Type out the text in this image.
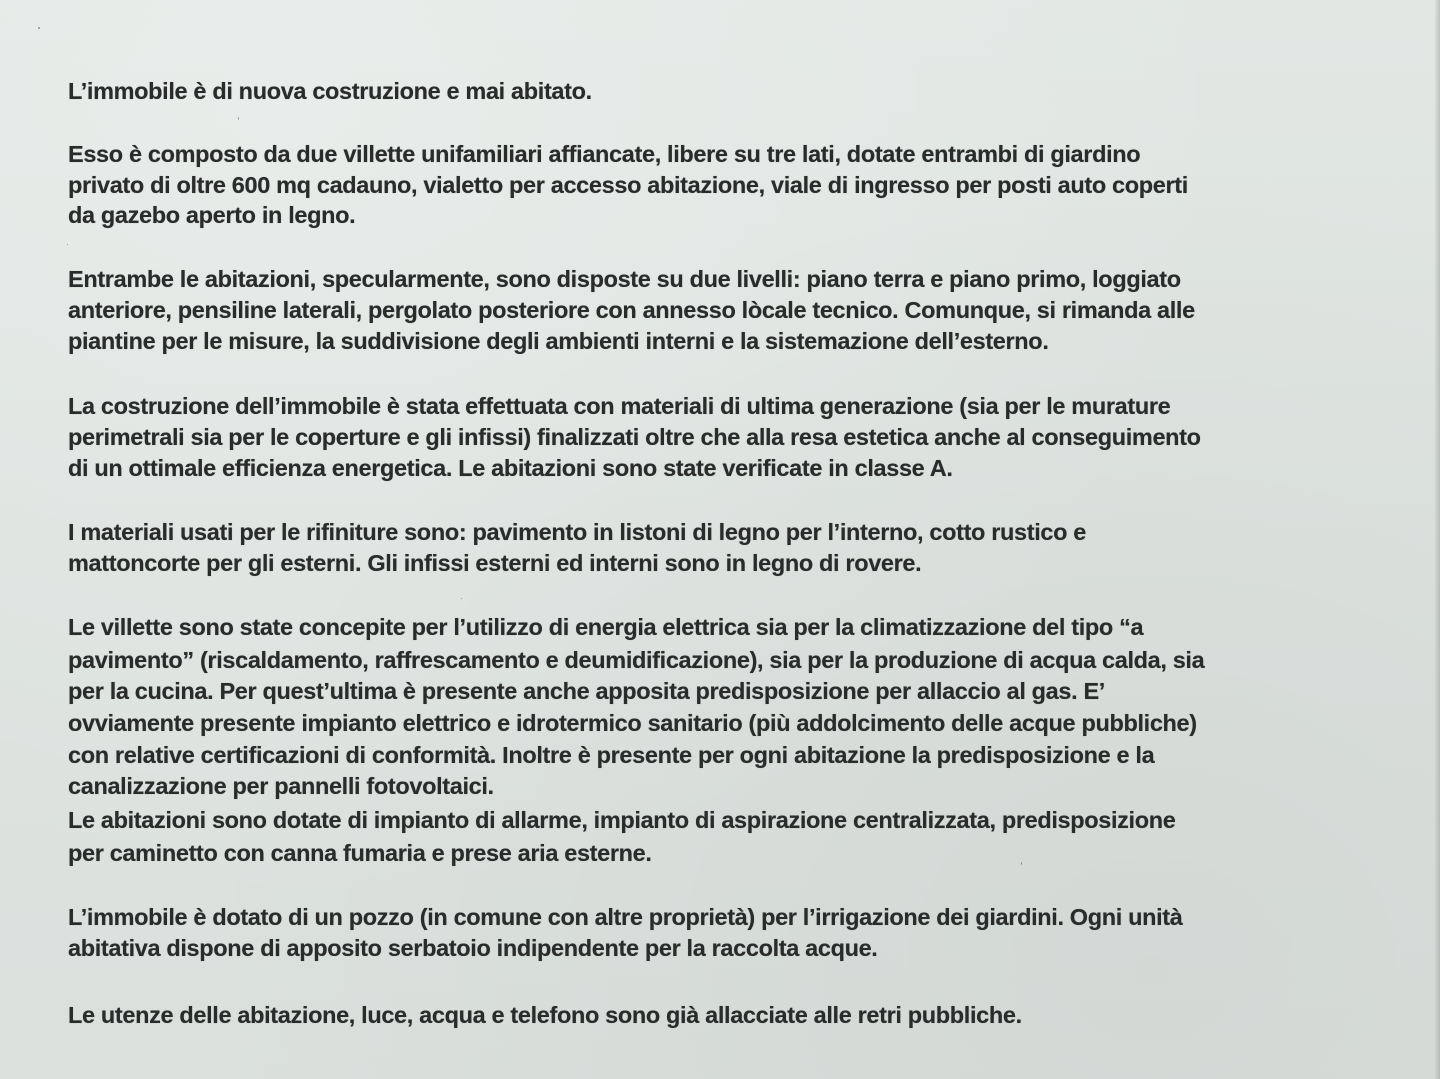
L’immobile è di nuova costruzione e mai abitato.
Esso è composto da due villette unifamiliari affiancate, libere su tre lati, dotate entrambi di giardino
privato di oltre 600 mq cadauno, vialetto per accesso abitazione, viale di ingresso per posti auto coperti
da gazebo aperto in legno.
Entrambe le abitazioni, specularmente, sono disposte su due livelli: piano terra e piano primo, loggiato
anteriore, pensiline laterali, pergolato posteriore con annesso lòcale tecnico. Comunque, si rimanda alle
piantine per le misure, la suddivisione degli ambienti interni e la sistemazione dell’esterno.
La costruzione dell’immobile è stata effettuata con materiali di ultima generazione (sia per le murature
perimetrali sia per le coperture e gli infissi) finalizzati oltre che alla resa estetica anche al conseguimento
di un ottimale efficienza energetica. Le abitazioni sono state verificate in classe A.
I materiali usati per le rifiniture sono: pavimento in listoni di legno per l’interno, cotto rustico e
mattoncorte per gli esterni. Gli infissi esterni ed interni sono in legno di rovere.
Le villette sono state concepite per l’utilizzo di energia elettrica sia per la climatizzazione del tipo “a
pavimento” (riscaldamento, raffrescamento e deumidificazione), sia per la produzione di acqua calda, sia
per la cucina. Per quest’ultima è presente anche apposita predisposizione per allaccio al gas. E’
ovviamente presente impianto elettrico e idrotermico sanitario (più addolcimento delle acque pubbliche)
con relative certificazioni di conformità. Inoltre è presente per ogni abitazione la predisposizione e la
canalizzazione per pannelli fotovoltaici.
Le abitazioni sono dotate di impianto di allarme, impianto di aspirazione centralizzata, predisposizione
per caminetto con canna fumaria e prese aria esterne.
L’immobile è dotato di un pozzo (in comune con altre proprietà) per l’irrigazione dei giardini. Ogni unità
abitativa dispone di apposito serbatoio indipendente per la raccolta acque.
Le utenze delle abitazione, luce, acqua e telefono sono già allacciate alle retri pubbliche.
